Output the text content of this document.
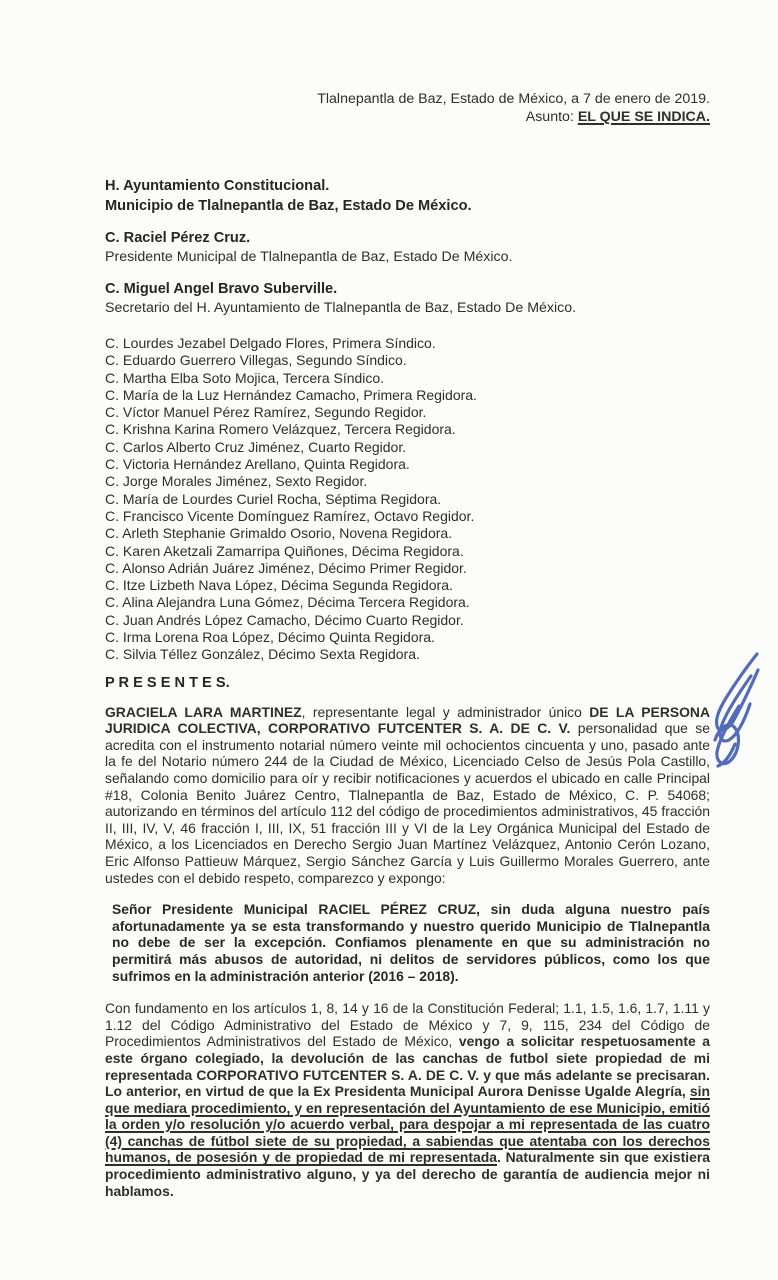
Tlalnepantla de Baz, Estado de México, a 7 de enero de 2019.
Asunto: EL QUE SE INDICA.
H. Ayuntamiento Constitucional.
Municipio de Tlalnepantla de Baz, Estado De México.
C. Raciel Pérez Cruz.
Presidente Municipal de Tlalnepantla de Baz, Estado De México.
C. Miguel Angel Bravo Suberville.
Secretario del H. Ayuntamiento de Tlalnepantla de Baz, Estado De México.
C. Lourdes Jezabel Delgado Flores, Primera Síndico.
C. Eduardo Guerrero Villegas, Segundo Síndico.
C. Martha Elba Soto Mojica, Tercera Síndico.
C. María de la Luz Hernández Camacho, Primera Regidora.
C. Víctor Manuel Pérez Ramírez, Segundo Regidor.
C. Krishna Karina Romero Velázquez, Tercera Regidora.
C. Carlos Alberto Cruz Jiménez, Cuarto Regidor.
C. Victoria Hernández Arellano, Quinta Regidora.
C. Jorge Morales Jiménez, Sexto Regidor.
C. María de Lourdes Curiel Rocha, Séptima Regidora.
C. Francisco Vicente Domínguez Ramírez, Octavo Regidor.
C. Arleth Stephanie Grimaldo Osorio, Novena Regidora.
C. Karen Aketzali Zamarripa Quiñones, Décima Regidora.
C. Alonso Adrián Juárez Jiménez, Décimo Primer Regidor.
C. Itze Lizbeth Nava López, Décima Segunda Regidora.
C. Alina Alejandra Luna Gómez, Décima Tercera Regidora.
C. Juan Andrés López Camacho, Décimo Cuarto Regidor.
C. Irma Lorena Roa López, Décimo Quinta Regidora.
C. Silvia Téllez González, Décimo Sexta Regidora.
P R E S E N T E S.

GRACIELA LARA MARTINEZ, representante legal y administrador único DE LA PERSONA JURIDICA COLECTIVA, CORPORATIVO FUTCENTER S. A. DE C. V. personalidad que se acredita con el instrumento notarial número veinte mil ochocientos cincuenta y uno, pasado ante la fe del Notario número 244 de la Ciudad de México, Licenciado Celso de Jesús Pola Castillo, señalando como domicilio para oír y recibir notificaciones y acuerdos el ubicado en calle Principal #18, Colonia Benito Juárez Centro, Tlalnepantla de Baz, Estado de México, C. P. 54068; autorizando en términos del artículo 112 del código de procedimientos administrativos, 45 fracción II, III, IV, V, 46 fracción I, III, IX, 51 fracción III y VI de la Ley Orgánica Municipal del Estado de México, a los Licenciados en Derecho Sergio Juan Martínez Velázquez, Antonio Cerón Lozano, Eric Alfonso Pattieuw Márquez, Sergio Sánchez García y Luis Guillermo Morales Guerrero, ante ustedes con el debido respeto, comparezco y expongo:

Señor Presidente Municipal RACIEL PÉREZ CRUZ, sin duda alguna nuestro país afortunadamente ya se esta transformando y nuestro querido Municipio de Tlalnepantla no debe de ser la excepción. Confiamos plenamente en que su administración no permitirá más abusos de autoridad, ni delitos de servidores públicos, como los que sufrimos en la administración anterior (2016 – 2018).

Con fundamento en los artículos 1, 8, 14 y 16 de la Constitución Federal; 1.1, 1.5, 1.6, 1.7, 1.11 y 1.12 del Código Administrativo del Estado de México y 7, 9, 115, 234 del Código de Procedimientos Administrativos del Estado de México, vengo a solicitar respetuosamente a este órgano colegiado, la devolución de las canchas de futbol siete propiedad de mi representada CORPORATIVO FUTCENTER S. A. DE C. V. y que más adelante se precisaran. Lo anterior, en virtud de que la Ex Presidenta Municipal Aurora Denisse Ugalde Alegría, sin que mediara procedimiento, y en representación del Ayuntamiento de ese Municipio, emitió la orden y/o resolución y/o acuerdo verbal, para despojar a mi representada de las cuatro (4) canchas de fútbol siete de su propiedad, a sabiendas que atentaba con los derechos humanos, de posesión y de propiedad de mi representada. Naturalmente sin que existiera procedimiento administrativo alguno, y ya del derecho de garantía de audiencia mejor ni hablamos.
